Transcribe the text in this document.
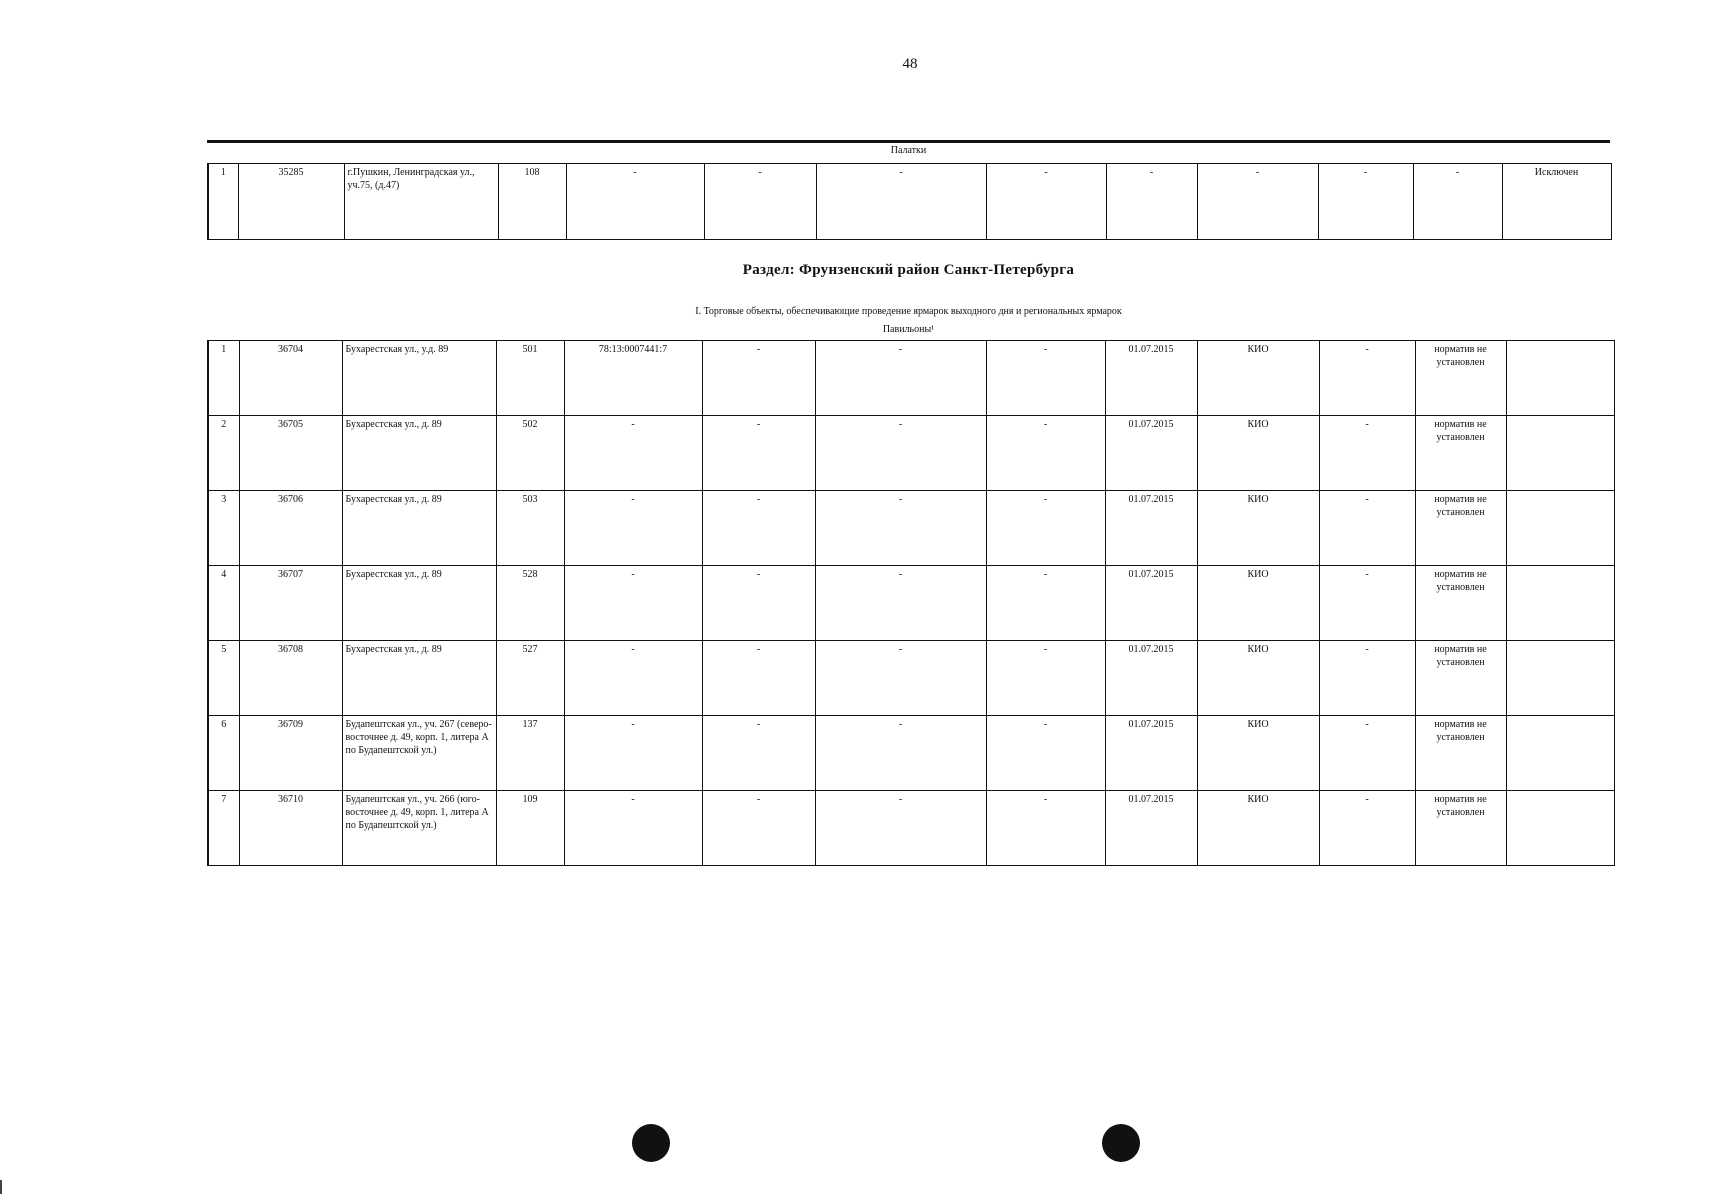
48
Палатки
1	35285	г.Пушкин, Ленинградская ул., уч.75, (д.47)	108	-	-	-	-	-	-	-	-	Исключен
Раздел: Фрунзенский район Санкт-Петербурга
I. Торговые объекты, обеспечивающие проведение ярмарок выходного дня и региональных ярмарок
Павильоны¹
1	36704	Бухарестская ул., у.д. 89	501	78:13:0007441:7	-	-	-	01.07.2015	КИО	-	норматив не установлен	
2	36705	Бухарестская ул., д. 89	502	-	-	-	-	01.07.2015	КИО	-	норматив не установлен	
3	36706	Бухарестская ул., д. 89	503	-	-	-	-	01.07.2015	КИО	-	норматив не установлен	
4	36707	Бухарестская ул., д. 89	528	-	-	-	-	01.07.2015	КИО	-	норматив не установлен	
5	36708	Бухарестская ул., д. 89	527	-	-	-	-	01.07.2015	КИО	-	норматив не установлен	
6	36709	Будапештская ул., уч. 267 (северо-восточнее д. 49, корп. 1, литера А по Будапештской ул.)	137	-	-	-	-	01.07.2015	КИО	-	норматив не установлен	
7	36710	Будапештская ул., уч. 266 (юго-восточнее д. 49, корп. 1, литера А по Будапештской ул.)	109	-	-	-	-	01.07.2015	КИО	-	норматив не установлен	
